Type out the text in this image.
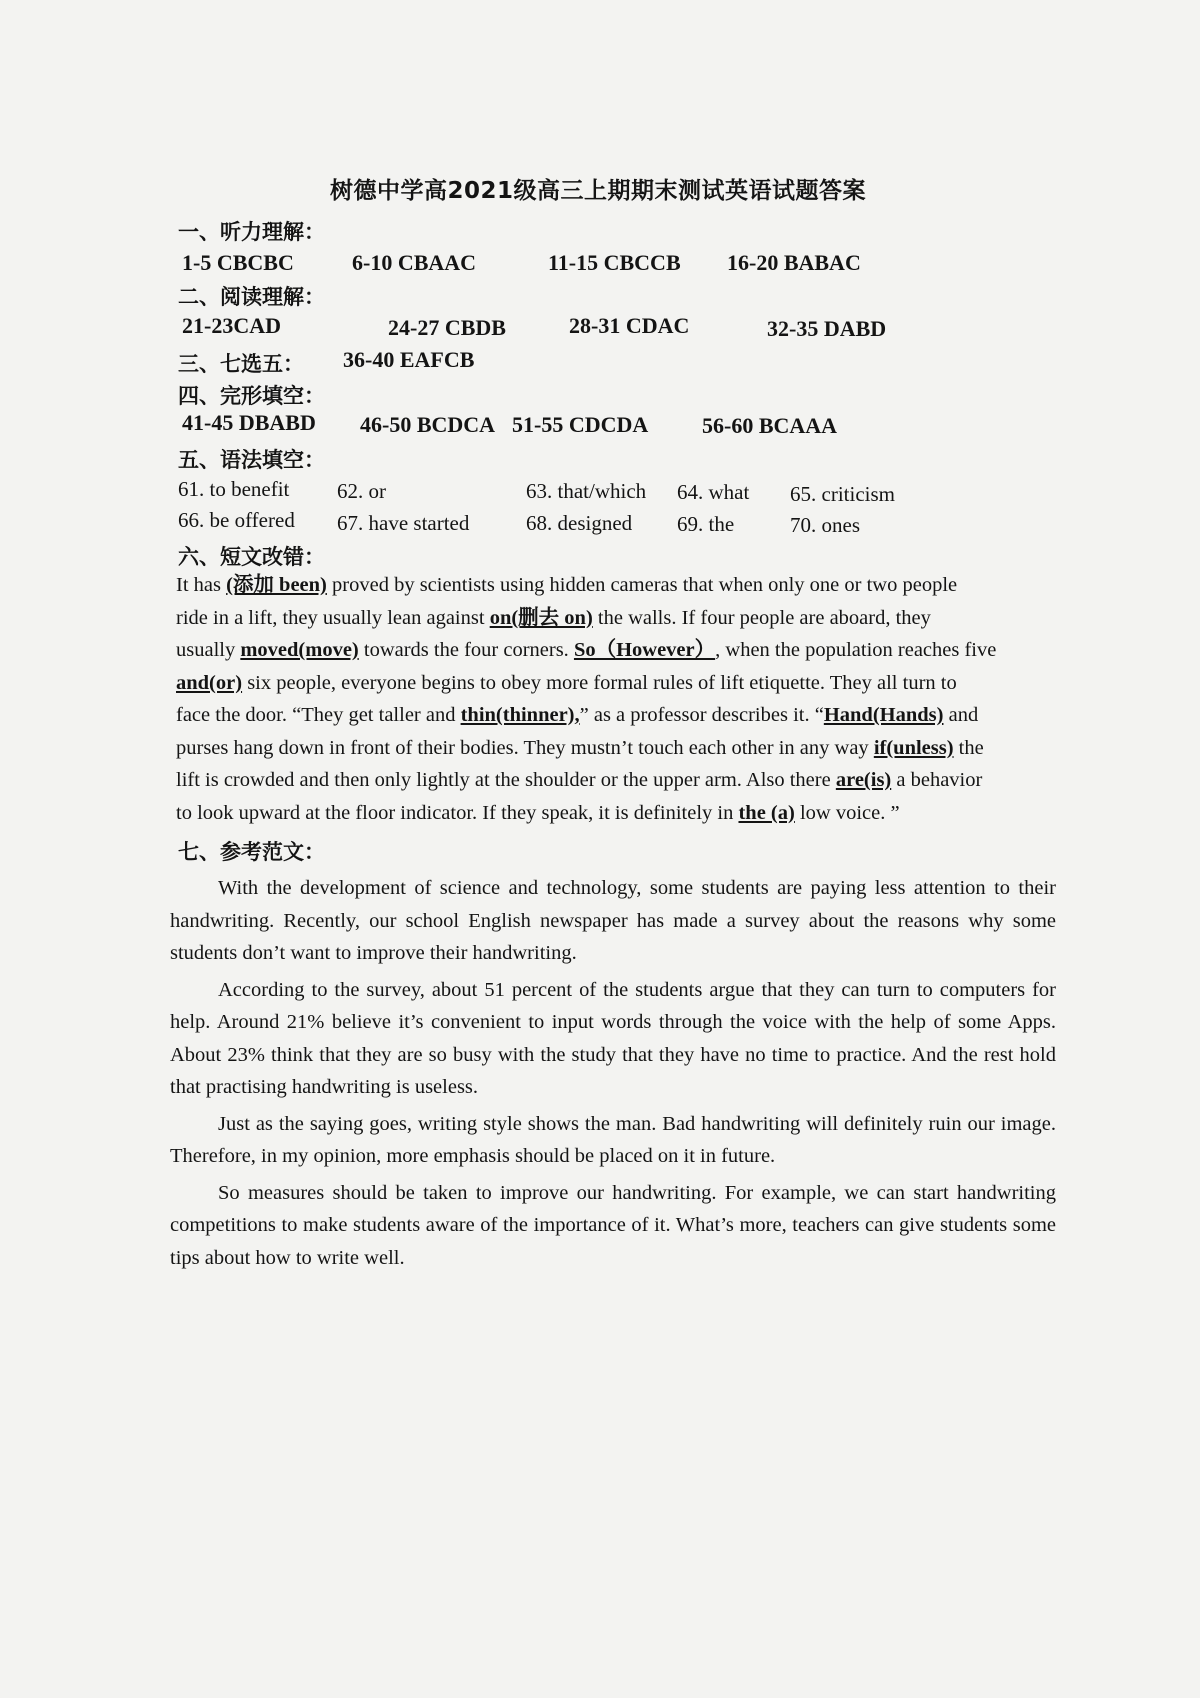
树德中学高2021级高三上期期末测试英语试题答案
一、听力理解：
1-5 CBCBC	6-10 CBAAC	11-15 CBCCB 16-20 BABAC
二、阅读理解：
21-23CAD	24-27 CBDB	28-31 CDAC	32-35 DABD
三、七选五： 36-40 EAFCB
四、完形填空：
41-45 DBABD 46-50 BCDCA 51-55 CDCDA 56-60 BCAAA
五、语法填空：
61. to benefit 62. or	63. that/which 64. what 65. criticism
66. be offered 67. have started	68. designed 69. the	70. ones
六、短文改错：
It has (添加 been) proved by scientists using hidden cameras that when only one or two people
ride in a lift, they usually lean against on(删去 on) the walls. If four people are aboard, they
usually moved(move) towards the four corners. So（However）, when the population reaches five
and(or) six people, everyone begins to obey more formal rules of lift etiquette. They all turn to
face the door. “They get taller and thin(thinner),” as a professor describes it. “Hand(Hands) and
purses hang down in front of their bodies. They mustn’t touch each other in any way if(unless) the
lift is crowded and then only lightly at the shoulder or the upper arm. Also there are(is) a behavior
to look upward at the floor indicator. If they speak, it is definitely in the (a) low voice. ”
七、参考范文：

With the development of science and technology, some students are paying less attention to their handwriting. Recently, our school English newspaper has made a survey about the reasons why some students don’t want to improve their handwriting.

According to the survey, about 51 percent of the students argue that they can turn to computers for help. Around 21% believe it’s convenient to input words through the voice with the help of some Apps. About 23% think that they are so busy with the study that they have no time to practice. And the rest hold that practising handwriting is useless.

Just as the saying goes, writing style shows the man. Bad handwriting will definitely ruin our image. Therefore, in my opinion, more emphasis should be placed on it in future.

So measures should be taken to improve our handwriting. For example, we can start handwriting competitions to make students aware of the importance of it. What’s more, teachers can give students some tips about how to write well.
